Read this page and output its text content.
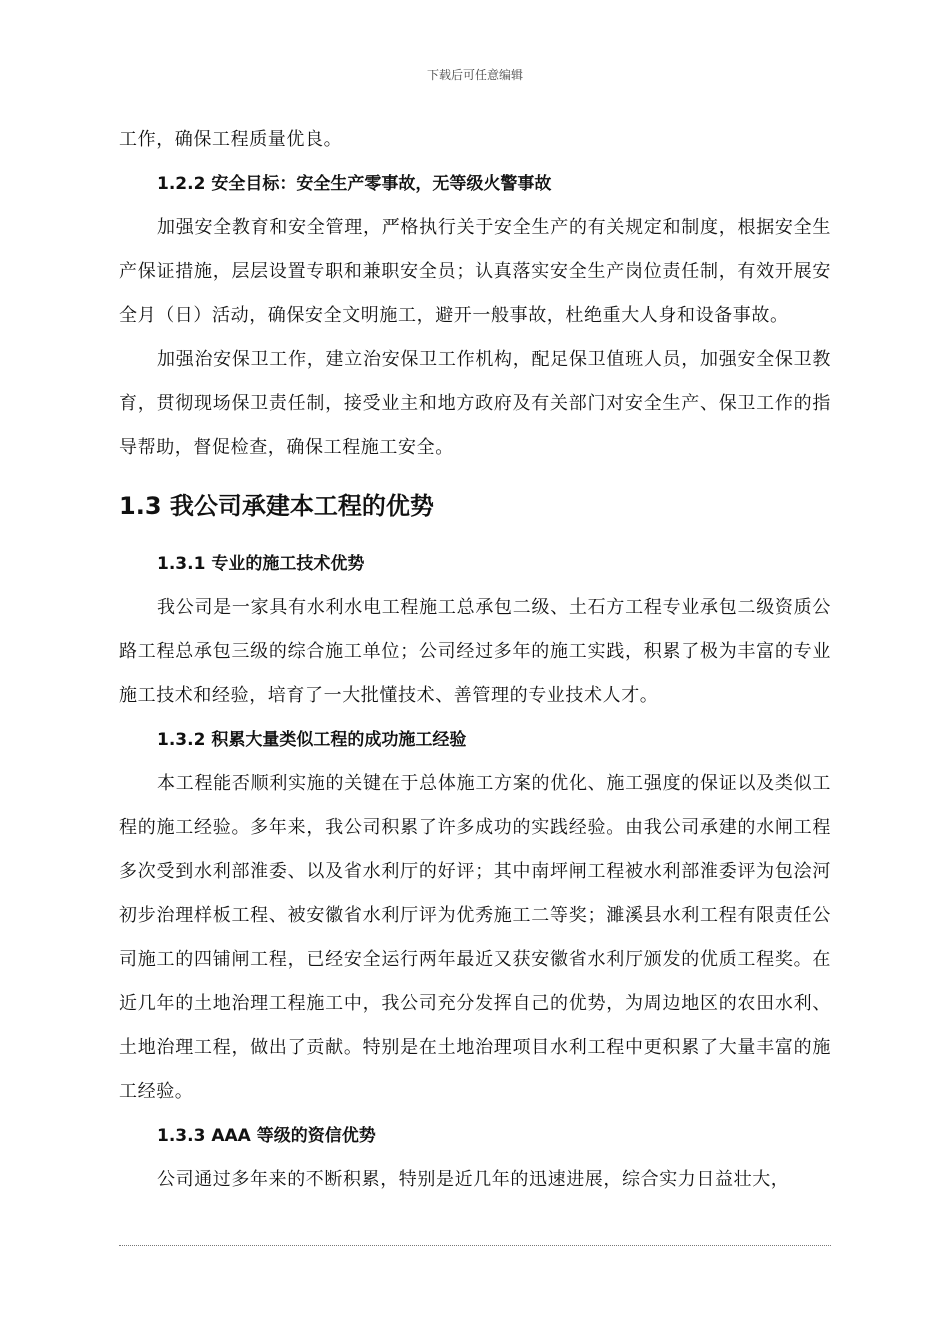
下载后可任意编辑

工作，确保工程质量优良。

1.2.2 安全目标：安全生产零事故，无等级火警事故

加强安全教育和安全管理，严格执行关于安全生产的有关规定和制度，根据安全生产保证措施，层层设置专职和兼职安全员；认真落实安全生产岗位责任制，有效开展安全月（日）活动，确保安全文明施工，避开一般事故，杜绝重大人身和设备事故。

加强治安保卫工作，建立治安保卫工作机构，配足保卫值班人员，加强安全保卫教育，贯彻现场保卫责任制，接受业主和地方政府及有关部门对安全生产、保卫工作的指导帮助，督促检查，确保工程施工安全。

1.3 我公司承建本工程的优势
1.3.1 专业的施工技术优势

我公司是一家具有水利水电工程施工总承包二级、土石方工程专业承包二级资质公路工程总承包三级的综合施工单位；公司经过多年的施工实践，积累了极为丰富的专业施工技术和经验，培育了一大批懂技术、善管理的专业技术人才。

1.3.2 积累大量类似工程的成功施工经验

本工程能否顺利实施的关键在于总体施工方案的优化、施工强度的保证以及类似工程的施工经验。多年来，我公司积累了许多成功的实践经验。由我公司承建的水闸工程多次受到水利部淮委、以及省水利厅的好评；其中南坪闸工程被水利部淮委评为包浍河初步治理样板工程、被安徽省水利厅评为优秀施工二等奖；濉溪县水利工程有限责任公司施工的四铺闸工程，已经安全运行两年最近又获安徽省水利厅颁发的优质工程奖。在近几年的土地治理工程施工中，我公司充分发挥自己的优势，为周边地区的农田水利、土地治理工程，做出了贡献。特别是在土地治理项目水利工程中更积累了大量丰富的施工经验。

1.3.3 AAA 等级的资信优势

公司通过多年来的不断积累，特别是近几年的迅速进展，综合实力日益壮大，
